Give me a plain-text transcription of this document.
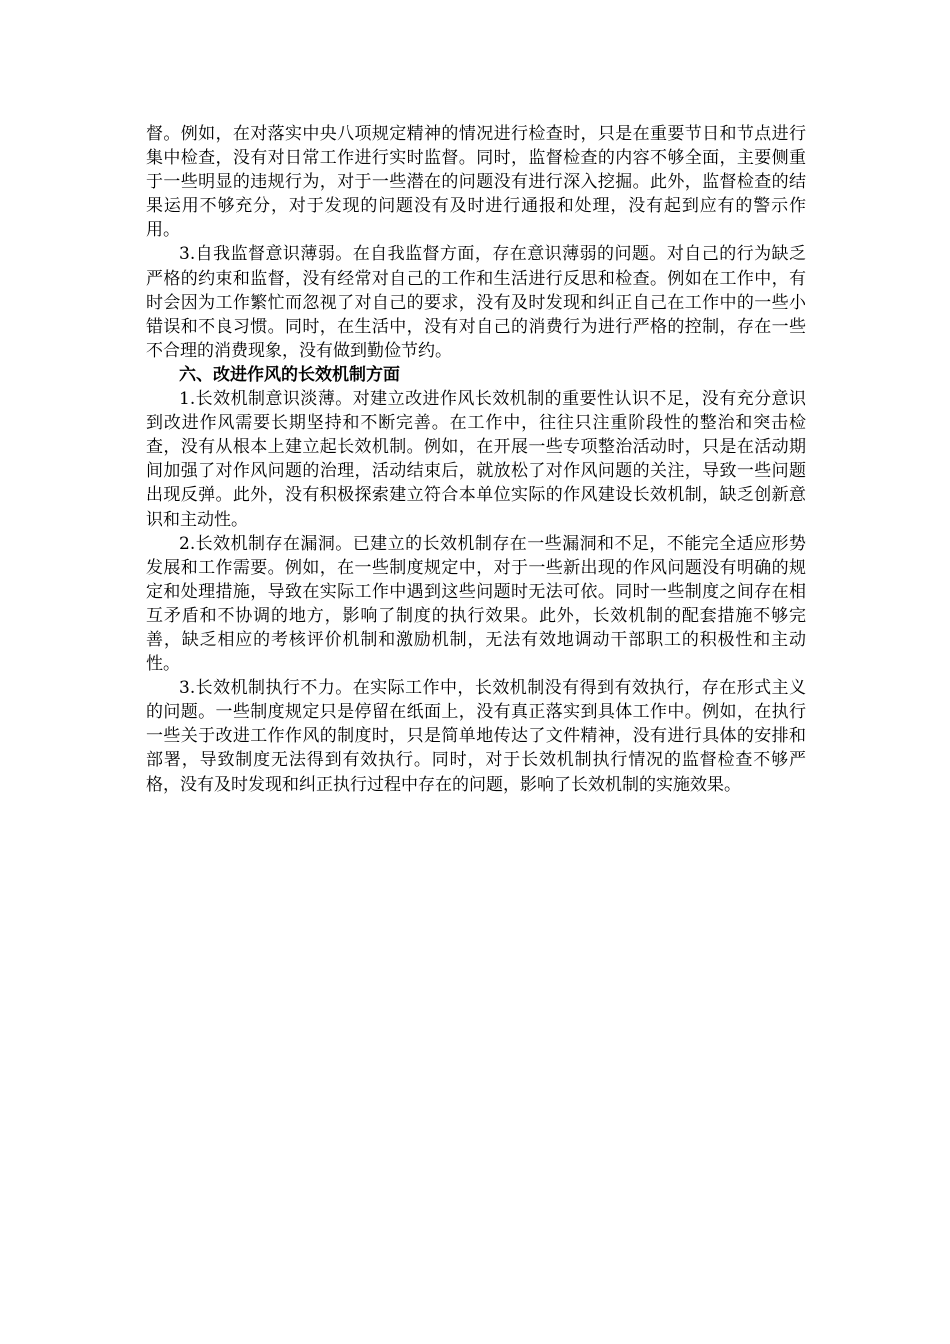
督。例如，在对落实中央八项规定精神的情况进行检查时，只是在重要节日和节点进行集中检查，没有对日常工作进行实时监督。同时，监督检查的内容不够全面，主要侧重于一些明显的违规行为，对于一些潜在的问题没有进行深入挖掘。此外，监督检查的结果运用不够充分，对于发现的问题没有及时进行通报和处理，没有起到应有的警示作用。

3.自我监督意识薄弱。在自我监督方面，存在意识薄弱的问题。对自己的行为缺乏严格的约束和监督，没有经常对自己的工作和生活进行反思和检查。例如在工作中，有时会因为工作繁忙而忽视了对自己的要求，没有及时发现和纠正自己在工作中的一些小错误和不良习惯。同时，在生活中，没有对自己的消费行为进行严格的控制，存在一些不合理的消费现象，没有做到勤俭节约。

六、改进作风的长效机制方面

1.长效机制意识淡薄。对建立改进作风长效机制的重要性认识不足，没有充分意识到改进作风需要长期坚持和不断完善。在工作中，往往只注重阶段性的整治和突击检查，没有从根本上建立起长效机制。例如，在开展一些专项整治活动时，只是在活动期间加强了对作风问题的治理，活动结束后，就放松了对作风问题的关注，导致一些问题出现反弹。此外，没有积极探索建立符合本单位实际的作风建设长效机制，缺乏创新意识和主动性。

2.长效机制存在漏洞。已建立的长效机制存在一些漏洞和不足，不能完全适应形势发展和工作需要。例如，在一些制度规定中，对于一些新出现的作风问题没有明确的规定和处理措施，导致在实际工作中遇到这些问题时无法可依。同时一些制度之间存在相互矛盾和不协调的地方，影响了制度的执行效果。此外，长效机制的配套措施不够完善，缺乏相应的考核评价机制和激励机制，无法有效地调动干部职工的积极性和主动性。

3.长效机制执行不力。在实际工作中，长效机制没有得到有效执行，存在形式主义的问题。一些制度规定只是停留在纸面上，没有真正落实到具体工作中。例如，在执行一些关于改进工作作风的制度时，只是简单地传达了文件精神，没有进行具体的安排和部署，导致制度无法得到有效执行。同时，对于长效机制执行情况的监督检查不够严格，没有及时发现和纠正执行过程中存在的问题，影响了长效机制的实施效果。
